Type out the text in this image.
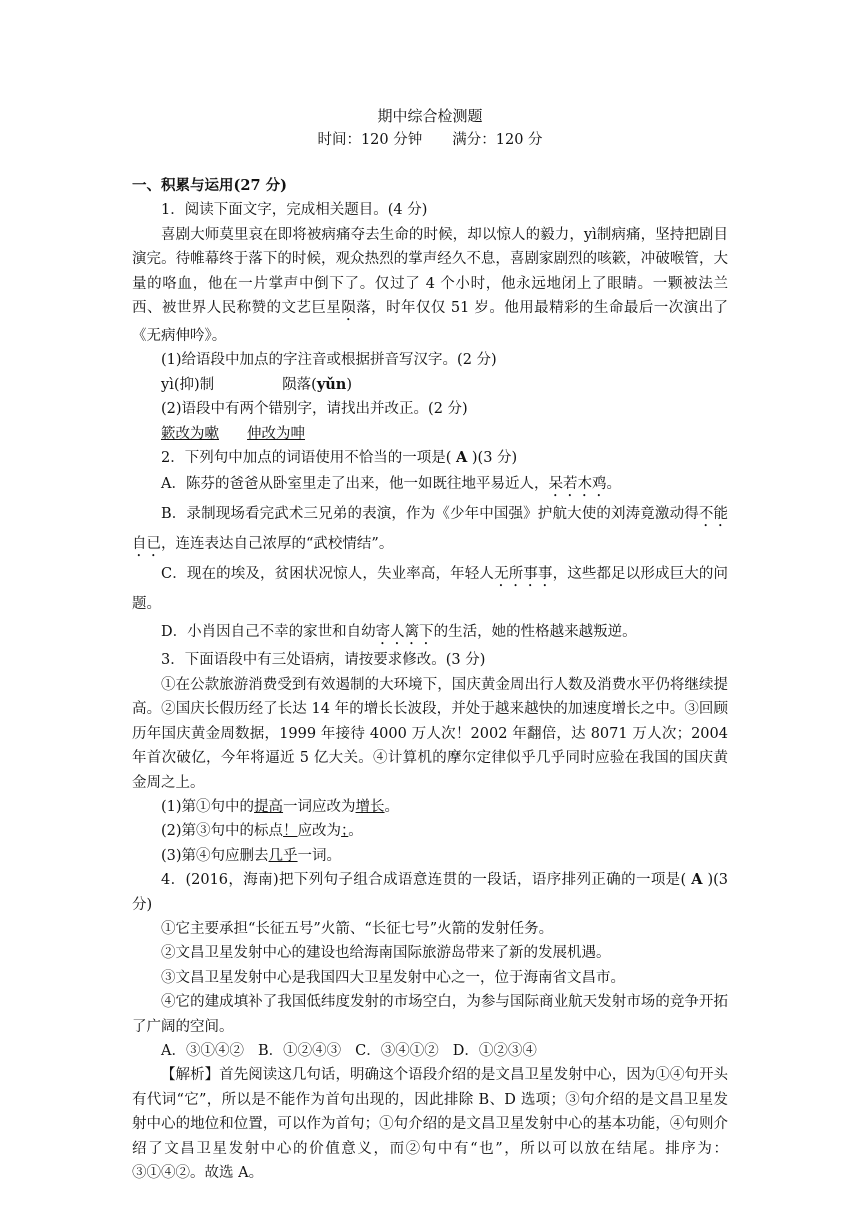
期中综合检测题
时间：120 分钟 满分：120 分

一、积累与运用(27 分)

1．阅读下面文字，完成相关题目。(4 分)

喜剧大师莫里哀在即将被病痛夺去生命的时候，却以惊人的毅力，yì制病痛，坚持把剧目演完。待帷幕终于落下的时候，观众热烈的掌声经久不息，喜剧家剧烈的咳簌，冲破喉管，大量的咯血，他在一片掌声中倒下了。仅过了 4 个小时，他永远地闭上了眼睛。一颗被法兰西、被世界人民称赞的文艺巨星陨落，时年仅仅 51 岁。他用最精彩的生命最后一次演出了《无病伸吟》。

(1)给语段中加点的字注音或根据拼音写汉字。(2 分)

yì(抑)制	陨落(yǔn)

(2)语段中有两个错别字，请找出并改正。(2 分)

簌改为嗽 伸改为呻

2．下列句中加点的词语使用不恰当的一项是( A )(3 分)

A．陈芬的爸爸从卧室里走了出来，他一如既往地平易近人，呆若木鸡。

B．录制现场看完武术三兄弟的表演，作为《少年中国强》护航大使的刘涛竟激动得不能自已，连连表达自己浓厚的“武校情结”。

C．现在的埃及，贫困状况惊人，失业率高，年轻人无所事事，这些都足以形成巨大的问题。

D．小肖因自己不幸的家世和自幼寄人篱下的生活，她的性格越来越叛逆。

3．下面语段中有三处语病，请按要求修改。(3 分)

①在公款旅游消费受到有效遏制的大环境下，国庆黄金周出行人数及消费水平仍将继续提高。②国庆长假历经了长达 14 年的增长长波段，并处于越来越快的加速度增长之中。③回顾历年国庆黄金周数据，1999 年接待 4000 万人次！2002 年翻倍，达 8071 万人次；2004 年首次破亿，今年将逼近 5 亿大关。④计算机的摩尔定律似乎几乎同时应验在我国的国庆黄金周之上。

(1)第①句中的提高一词应改为增长。

(2)第③句中的标点！应改为；。

(3)第④句应删去几乎一词。

4．(2016，海南)把下列句子组合成语意连贯的一段话，语序排列正确的一项是( A )(3 分)

①它主要承担“长征五号”火箭、“长征七号”火箭的发射任务。

②文昌卫星发射中心的建设也给海南国际旅游岛带来了新的发展机遇。

③文昌卫星发射中心是我国四大卫星发射中心之一，位于海南省文昌市。

④它的建成填补了我国低纬度发射的市场空白，为参与国际商业航天发射市场的竞争开拓了广阔的空间。

A．③①④② B．①②④③ C．③④①② D．①②③④

【解析】首先阅读这几句话，明确这个语段介绍的是文昌卫星发射中心，因为①④句开头有代词“它”，所以是不能作为首句出现的，因此排除 B、D 选项；③句介绍的是文昌卫星发射中心的地位和位置，可以作为首句；①句介绍的是文昌卫星发射中心的基本功能，④句则介绍了文昌卫星发射中心的价值意义，而②句中有“也”，所以可以放在结尾。排序为：③①④②。故选 A。
